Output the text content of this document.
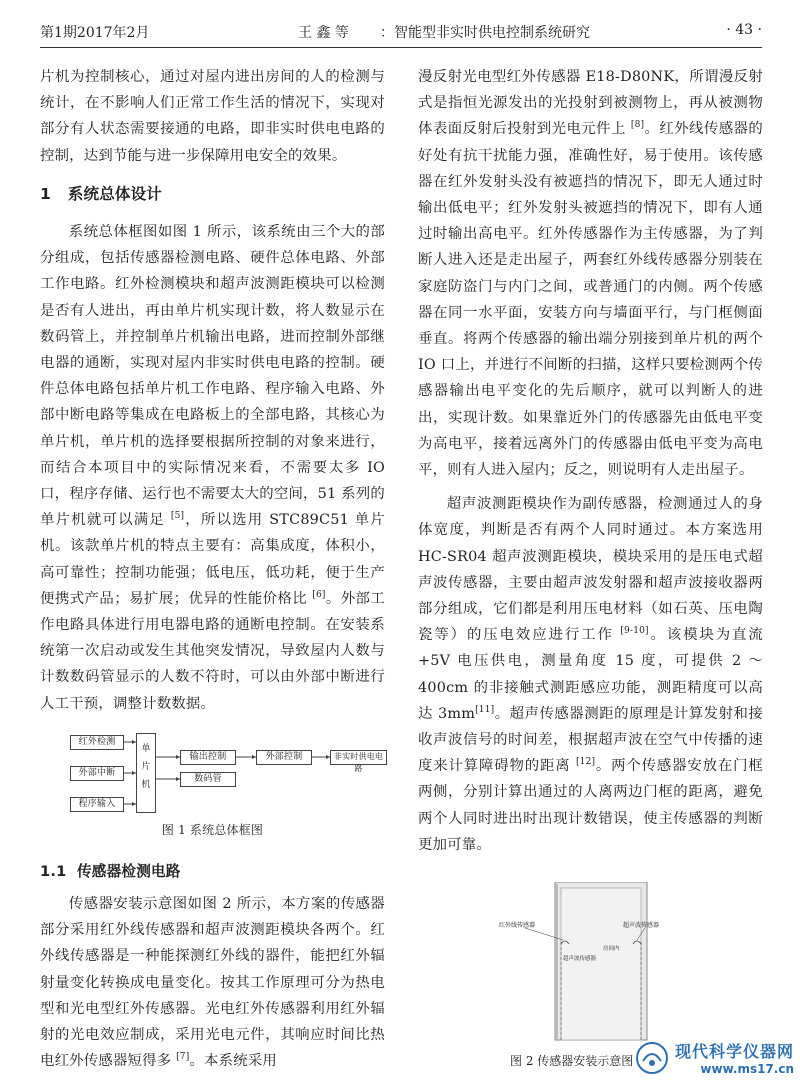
第1期2017年2月	王 鑫 等 ：智能型非实时供电控制系统研究	· 43 ·

片机为控制核心，通过对屋内进出房间的人的检测与统计，在不影响人们正常工作生活的情况下，实现对部分有人状态需要接通的电路，即非实时供电电路的控制，达到节能与进一步保障用电安全的效果。

1 系统总体设计

系统总体框图如图 1 所示，该系统由三个大的部分组成，包括传感器检测电路、硬件总体电路、外部工作电路。红外检测模块和超声波测距模块可以检测是否有人进出，再由单片机实现计数，将人数显示在数码管上，并控制单片机输出电路，进而控制外部继电器的通断，实现对屋内非实时供电电路的控制。硬件总体电路包括单片机工作电路、程序输入电路、外部中断电路等集成在电路板上的全部电路，其核心为单片机，单片机的选择要根据所控制的对象来进行，而结合本项目中的实际情况来看，不需要太多 IO 口，程序存储、运行也不需要太大的空间，51 系列的单片机就可以满足 [5]，所以选用 STC89C51 单片机。该款单片机的特点主要有：高集成度，体积小，高可靠性；控制功能强；低电压，低功耗，便于生产便携式产品；易扩展；优异的性能价格比 [6]。外部工作电路具体进行用电器电路的通断电控制。在安装系统第一次启动或发生其他突发情况，导致屋内人数与计数数码管显示的人数不符时，可以由外部中断进行人工干预，调整计数数据。

红外检测
外部中断
程序输入
单
片
机
输出控制	外部控制	非实时供电电路
数码管
图 1 系统总体框图

1.1 传感器检测电路

传感器安装示意图如图 2 所示，本方案的传感器部分采用红外线传感器和超声波测距模块各两个。红外线传感器是一种能探测红外线的器件，能把红外辐射量变化转换成电量变化。按其工作原理可分为热电型和光电型红外传感器。光电红外传感器利用红外辐射的光电效应制成，采用光电元件，其响应时间比热电红外传感器短得多 [7]。本系统采用

漫反射光电型红外传感器 E18-D80NK，所谓漫反射式是指恒光源发出的光投射到被测物上，再从被测物体表面反射后投射到光电元件上 [8]。红外线传感器的好处有抗干扰能力强，准确性好，易于使用。该传感器在红外发射头没有被遮挡的情况下，即无人通过时输出低电平；红外发射头被遮挡的情况下，即有人通过时输出高电平。红外传感器作为主传感器，为了判断人进入还是走出屋子，两套红外线传感器分别装在家庭防盗门与内门之间，或普通门的内侧。两个传感器在同一水平面，安装方向与墙面平行，与门框侧面垂直。将两个传感器的输出端分别接到单片机的两个 IO 口上，并进行不间断的扫描，这样只要检测两个传感器输出电平变化的先后顺序，就可以判断人的进出，实现计数。如果靠近外门的传感器先由低电平变为高电平，接着远离外门的传感器由低电平变为高电平，则有人进入屋内；反之，则说明有人走出屋子。

超声波测距模块作为副传感器，检测通过人的身体宽度，判断是否有两个人同时通过。本方案选用 HC-SR04 超声波测距模块，模块采用的是压电式超声波传感器，主要由超声波发射器和超声波接收器两部分组成，它们都是利用压电材料（如石英、压电陶瓷等）的压电效应进行工作 [9-10]。该模块为直流 +5V 电压供电，测量角度 15 度，可提供 2 ～ 400cm 的非接触式测距感应功能，测距精度可以高达 3mm[11]。超声传感器测距的原理是计算发射和接收声波信号的时间差，根据超声波在空气中传播的速度来计算障碍物的距离 [12]。两个传感器安放在门框两侧，分别计算出通过的人离两边门框的距离，避免两个人同时进出时出现计数错误，使主传感器的判断更加可靠。

红外线传感器	超声波传感器
超声波传感器
房间内
图 2 传感器安装示意图	现代科学仪器网
www.ms17.cn
